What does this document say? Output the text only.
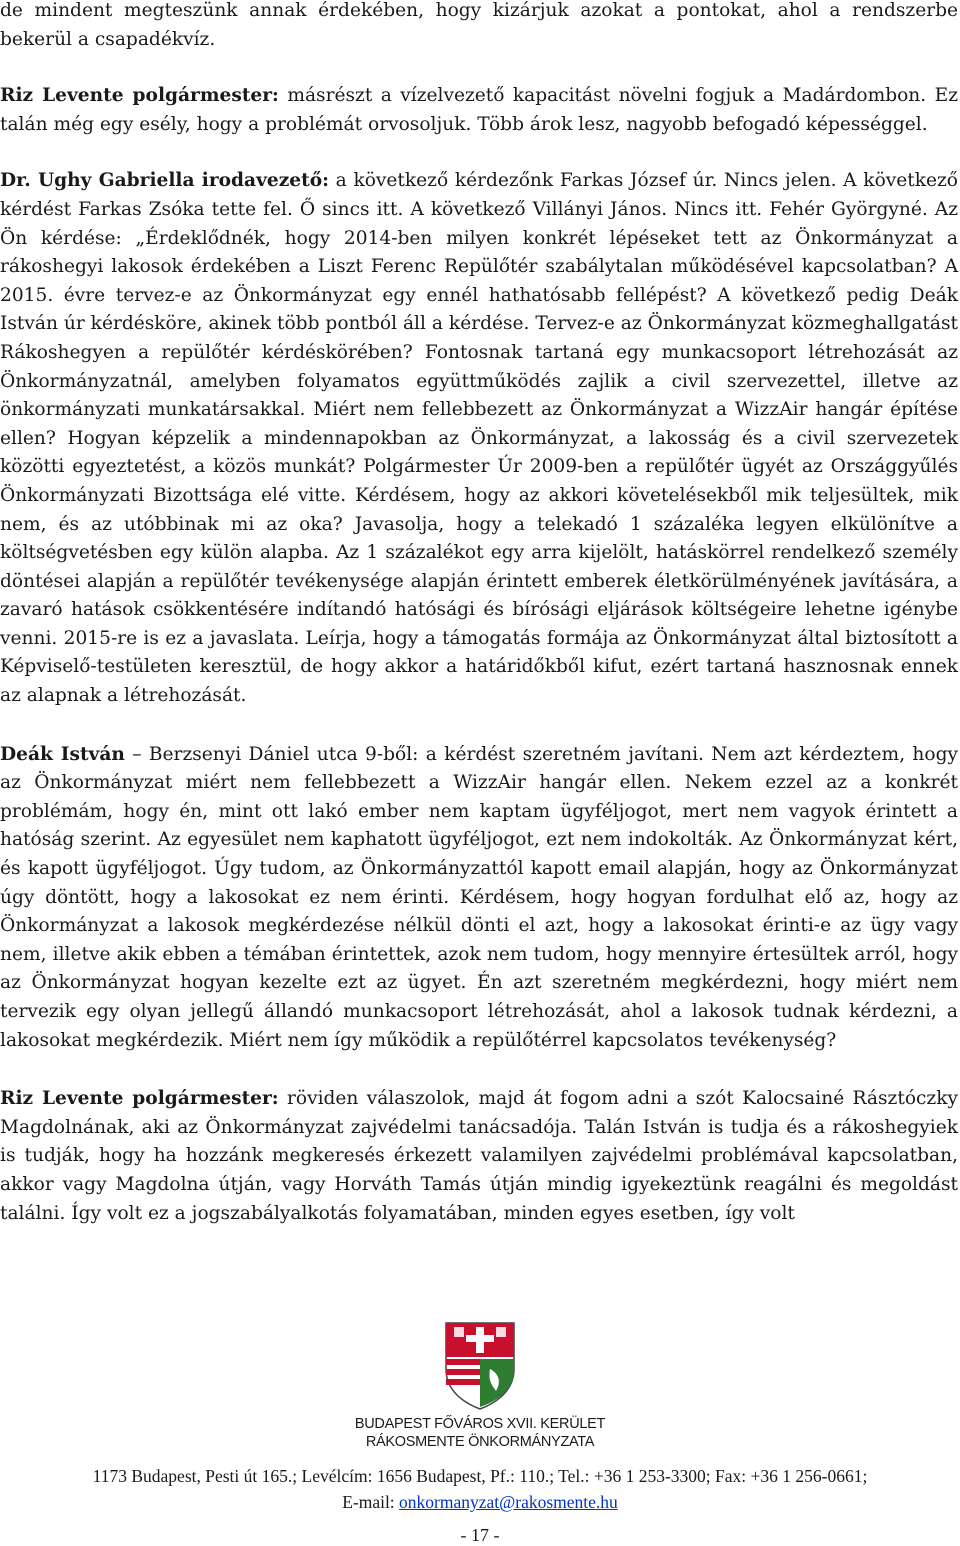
de mindent megteszünk annak érdekében, hogy kizárjuk azokat a pontokat, ahol a rendszerbe bekerül a csapadékvíz.

Riz Levente polgármester: másrészt a vízelvezető kapacitást növelni fogjuk a Madárdombon. Ez talán még egy esély, hogy a problémát orvosoljuk. Több árok lesz, nagyobb befogadó képességgel.

Dr. Ughy Gabriella irodavezető: a következő kérdezőnk Farkas József úr. Nincs jelen. A következő kérdést Farkas Zsóka tette fel. Ő sincs itt. A következő Villányi János. Nincs itt. Fehér Györgyné. Az Ön kérdése: „Érdeklődnék, hogy 2014-ben milyen konkrét lépéseket tett az Önkormányzat a rákoshegyi lakosok érdekében a Liszt Ferenc Repülőtér szabálytalan működésével kapcsolatban? A 2015. évre tervez-e az Önkormányzat egy ennél hathatósabb fellépést? A következő pedig Deák István úr kérdésköre, akinek több pontból áll a kérdése. Tervez-e az Önkormányzat közmeghallgatást Rákoshegyen a repülőtér kérdéskörében? Fontosnak tartaná egy munkacsoport létrehozását az Önkormányzatnál, amelyben folyamatos együttműködés zajlik a civil szervezettel, illetve az önkormányzati munkatársakkal. Miért nem fellebbezett az Önkormányzat a WizzAir hangár építése ellen? Hogyan képzelik a mindennapokban az Önkormányzat, a lakosság és a civil szervezetek közötti egyeztetést, a közös munkát? Polgármester Úr 2009-ben a repülőtér ügyét az Országgyűlés Önkormányzati Bizottsága elé vitte. Kérdésem, hogy az akkori követelésekből mik teljesültek, mik nem, és az utóbbinak mi az oka? Javasolja, hogy a telekadó 1 százaléka legyen elkülönítve a költségvetésben egy külön alapba. Az 1 százalékot egy arra kijelölt, hatáskörrel rendelkező személy döntései alapján a repülőtér tevékenysége alapján érintett emberek életkörülményének javítására, a zavaró hatások csökkentésére indítandó hatósági és bírósági eljárások költségeire lehetne igénybe venni. 2015-re is ez a javaslata. Leírja, hogy a támogatás formája az Önkormányzat által biztosított a Képviselő-testületen keresztül, de hogy akkor a határidőkből kifut, ezért tartaná hasznosnak ennek az alapnak a létrehozását.

Deák István – Berzsenyi Dániel utca 9-ből: a kérdést szeretném javítani. Nem azt kérdeztem, hogy az Önkormányzat miért nem fellebbezett a WizzAir hangár ellen. Nekem ezzel az a konkrét problémám, hogy én, mint ott lakó ember nem kaptam ügyféljogot, mert nem vagyok érintett a hatóság szerint. Az egyesület nem kaphatott ügyféljogot, ezt nem indokolták. Az Önkormányzat kért, és kapott ügyféljogot. Úgy tudom, az Önkormányzattól kapott email alapján, hogy az Önkormányzat úgy döntött, hogy a lakosokat ez nem érinti. Kérdésem, hogy hogyan fordulhat elő az, hogy az Önkormányzat a lakosok megkérdezése nélkül dönti el azt, hogy a lakosokat érinti-e az ügy vagy nem, illetve akik ebben a témában érintettek, azok nem tudom, hogy mennyire értesültek arról, hogy az Önkormányzat hogyan kezelte ezt az ügyet. Én azt szeretném megkérdezni, hogy miért nem tervezik egy olyan jellegű állandó munkacsoport létrehozását, ahol a lakosok tudnak kérdezni, a lakosokat megkérdezik. Miért nem így működik a repülőtérrel kapcsolatos tevékenység?

Riz Levente polgármester: röviden válaszolok, majd át fogom adni a szót Kalocsainé Rásztóczky Magdolnának, aki az Önkormányzat zajvédelmi tanácsadója. Talán István is tudja és a rákoshegyiek is tudják, hogy ha hozzánk megkeresés érkezett valamilyen zajvédelmi problémával kapcsolatban, akkor vagy Magdolna útján, vagy Horváth Tamás útján mindig igyekeztünk reagálni és megoldást találni. Így volt ez a jogszabályalkotás folyamatában, minden egyes esetben, így volt

BUDAPEST FŐVÁROS XVII. KERÜLET
RÁKOSMENTE ÖNKORMÁNYZATA
1173 Budapest, Pesti út 165.; Levélcím: 1656 Budapest, Pf.: 110.; Tel.: +36 1 253-3300; Fax: +36 1 256-0661;
E-mail: onkormanyzat@rakosmente.hu
- 17 -
